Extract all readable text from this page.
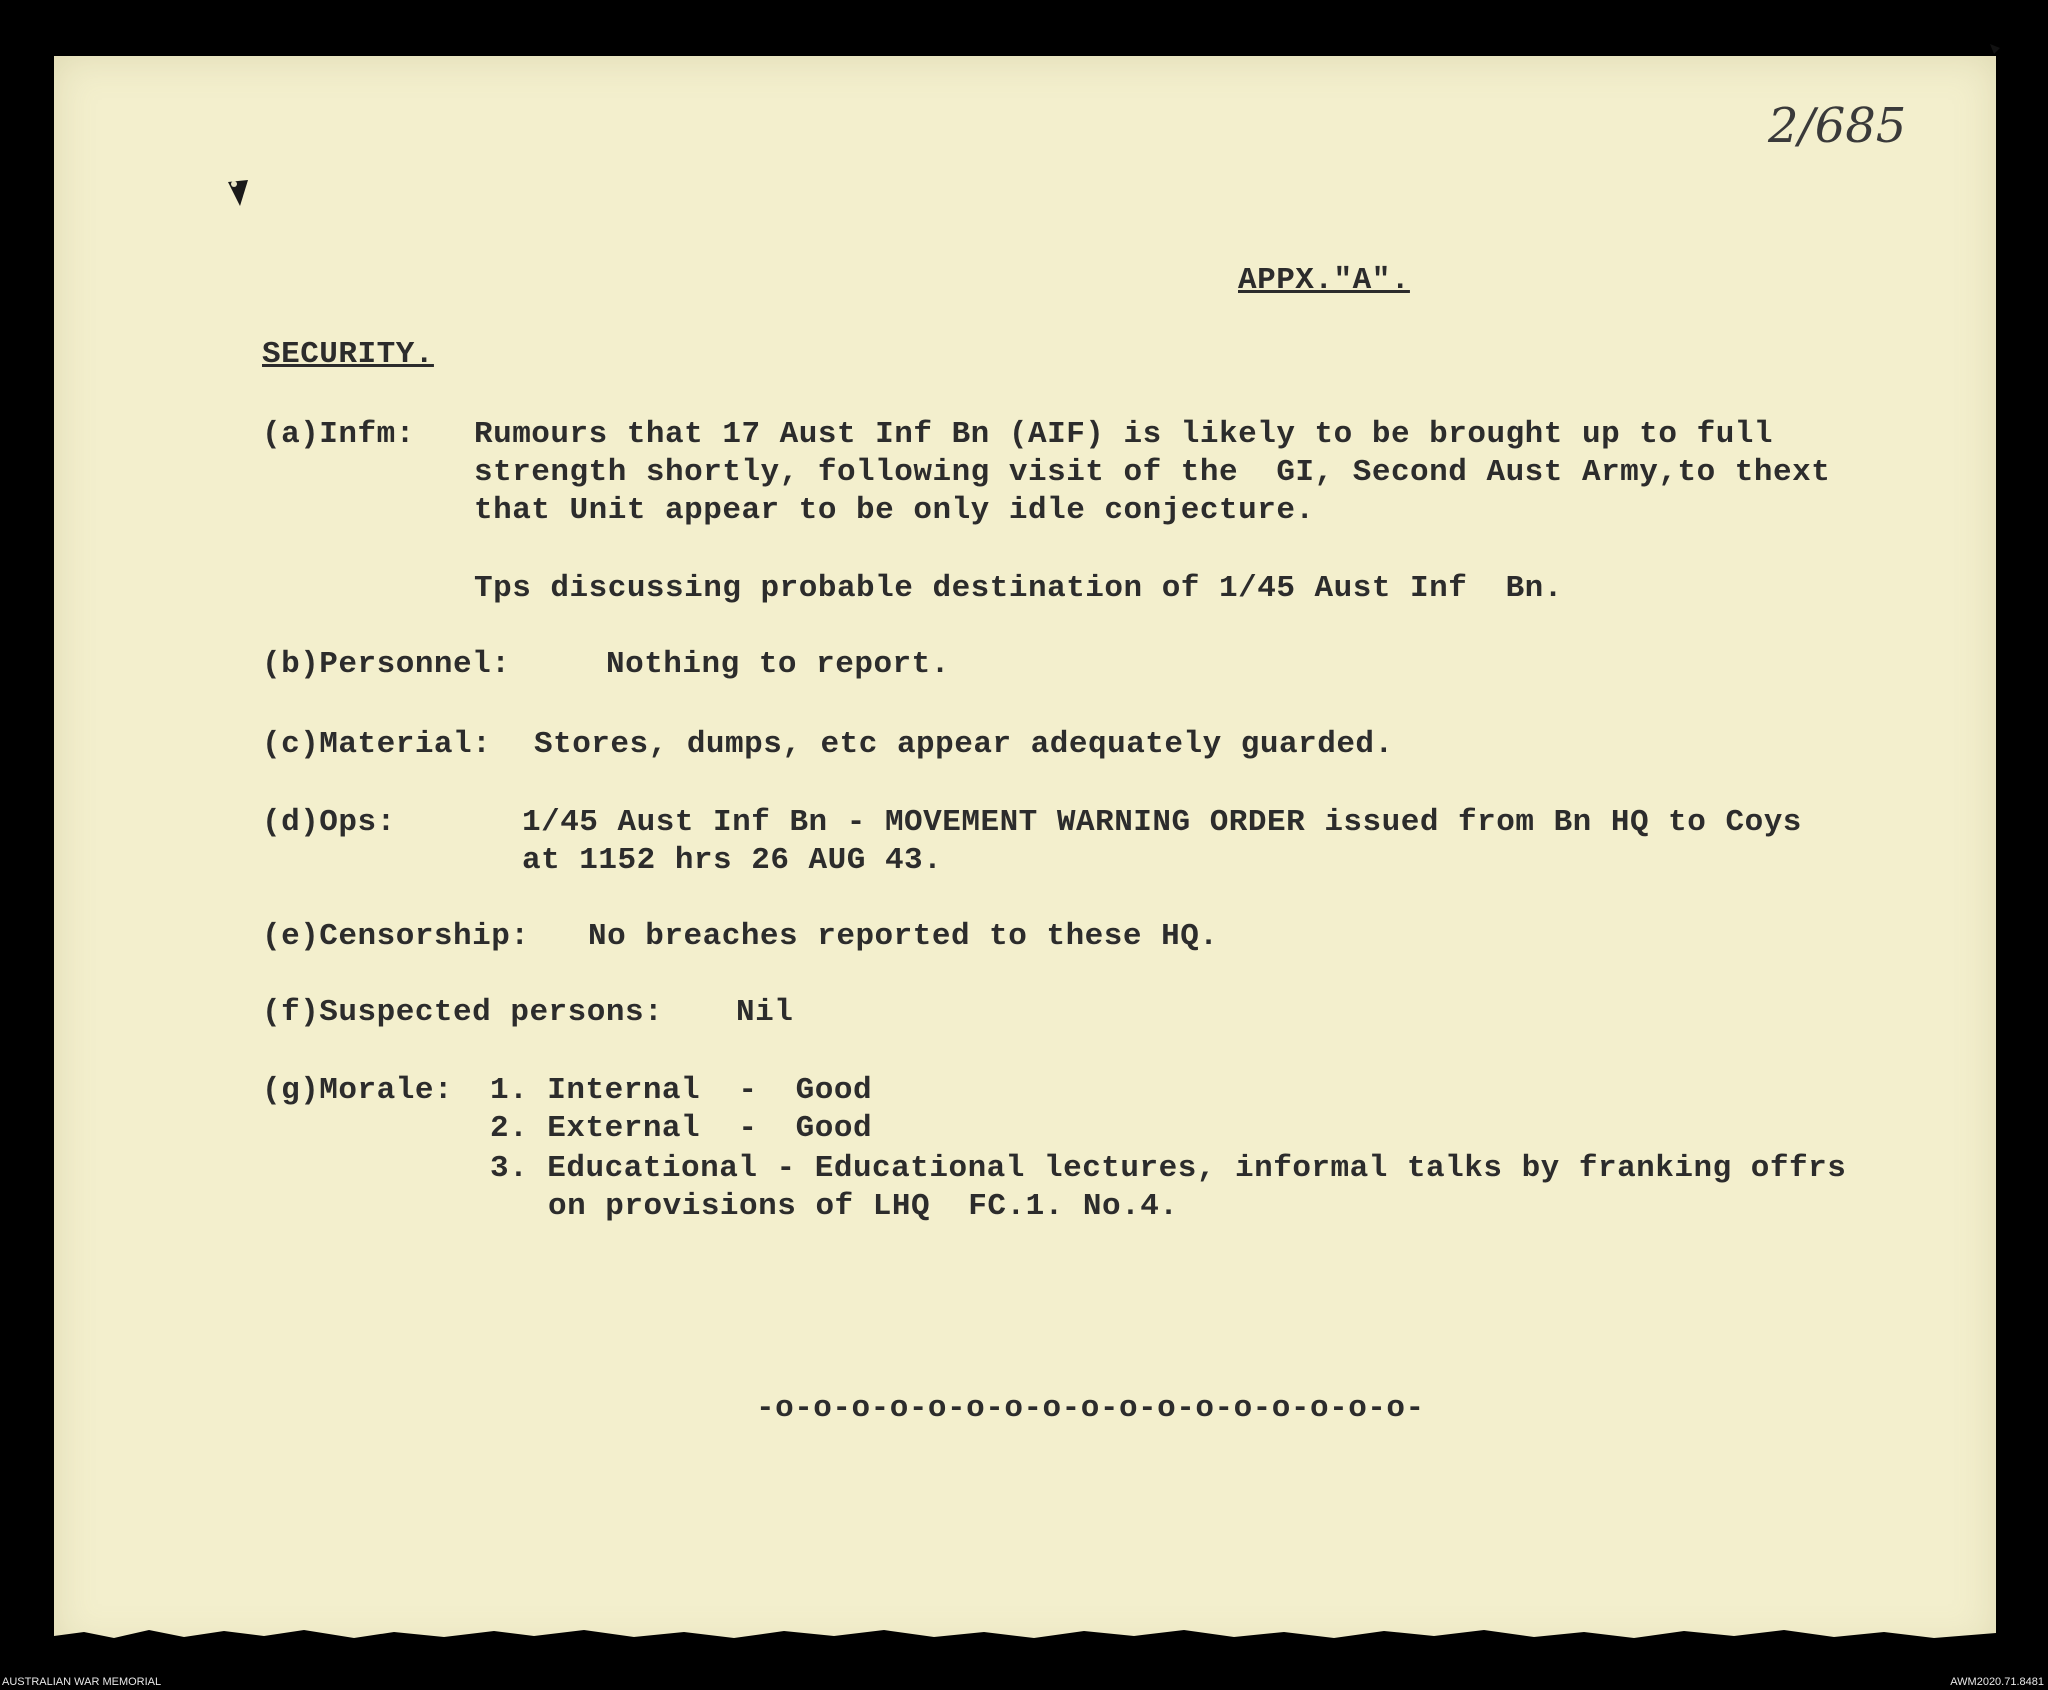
2/685
APPX."A".
SECURITY.
(a)Infm: Rumours that 17 Aust Inf Bn (AIF) is likely to be brought up to full
strength shortly, following visit of the  GI, Second Aust Army,to thext
that Unit appear to be only idle conjecture.
Tps discussing probable destination of 1/45 Aust Inf  Bn.
(b)Personnel:	Nothing to report.
(c)Material: Stores, dumps, etc appear adequately guarded.
(d)Ops:	1/45 Aust Inf Bn - MOVEMENT WARNING ORDER issued from Bn HQ to Coys
at 1152 hrs 26 AUG 43.
(e)Censorship: No breaches reported to these HQ.
(f)Suspected persons: Nil
(g)Morale: 1. Internal  -  Good
2. External  -  Good
3. Educational - Educational lectures, informal talks by franking offrs
on provisions of LHQ  FC.1. No.4.
-o-o-o-o-o-o-o-o-o-o-o-o-o-o-o-o-o-
AUSTRALIAN WAR MEMORIAL	AWM2020.71.8481
